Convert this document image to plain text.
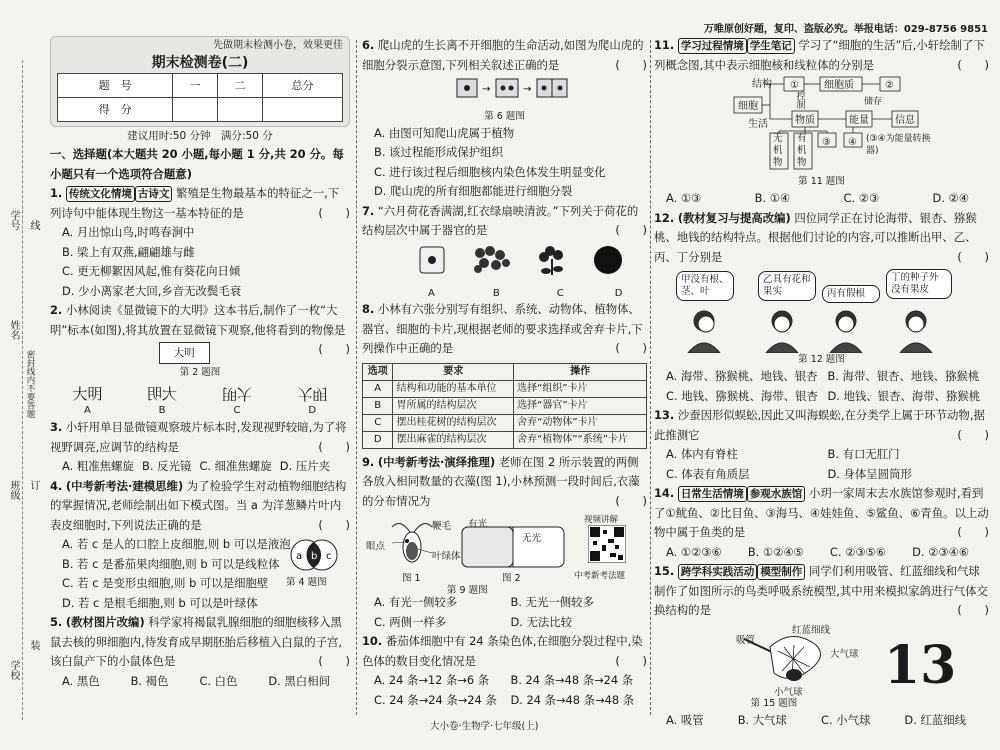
万唯原创好题，复印、盗版必究。举报电话：029-8756 9851
学校
班级
姓名
学号
密封线内不要答题
线
订
装
先做期末检测小卷，效果更佳
期末检测卷(二)
题　号	一	二	总分
得　分			
建议用时:50 分钟　满分:50 分

一、选择题(本大题共 20 小题,每小题 1 分,共 20 分。每小题只有一个选项符合题意)

1. 传统文化情境 古诗文 繁殖是生物最基本的特征之一,下列诗句中能体现生物这一基本特征的是	(　　)

A. 月出惊山鸟,时鸣春涧中
B. 梁上有双燕,翩翩雄与雌
C. 更无柳絮因风起,惟有葵花向日倾
D. 少小离家老大回,乡音无改鬓毛衰

2. 小林阅读《显微镜下的大明》这本书后,制作了一枚“大明”标本(如图),将其放置在显微镜下观察,他将看到的物像是
(　　)

大明
第 2 题图
大明	大明	大明	大明
A	B	C	D

3. 小轩用单目显微镜观察玻片标本时,发现视野较暗,为了将视野调亮,应调节的结构是	(　　)

A. 粗准焦螺旋 B. 反光镜 C. 细准焦螺旋 D. 压片夹

4. (中考新考法·建模思维) 为了检验学生对动植物细胞结构的掌握情况,老师绘制出如下模式图。当 a 为洋葱鳞片叶内表皮细胞时,下列说法正确的是	(　　)

A. 若 c 是人的口腔上皮细胞,则 b 可以是液泡
B. 若 c 是番茄果肉细胞,则 b 可以是线粒体
C. 若 c 是变形虫细胞,则 b 可以是细胞壁
D. 若 c 是根毛细胞,则 b 可以是叶绿体
a b c
第 4 题图

5. (教材图片改编) 科学家将褐鼠乳腺细胞的细胞核移入黑鼠去核的卵细胞内,待发育成早期胚胎后移植入白鼠的子宫,该白鼠产下的小鼠体色是	(　　)

A. 黑色	B. 褐色	C. 白色	D. 黑白相间

6. 爬山虎的生长离不开细胞的生命活动,如图为爬山虎的细胞分裂示意图,下列相关叙述正确的是	(　　)

→	→
第 6 题图
A. 由图可知爬山虎属于植物
B. 该过程能形成保护组织
C. 进行该过程后细胞核内染色体发生明显变化
D. 爬山虎的所有细胞都能进行细胞分裂

7. “六月荷花香满湖,红衣绿扇映清波。”下列关于荷花的结构层次中属于器官的是	(　　)

A	B	C	D

8. 小林有六张分别写有组织、系统、动物体、植物体、器官、细胞的卡片,现根据老师的要求选择或舍弃卡片,下列操作中正确的是	(　　)

选项	要求	操作
A	结构和功能的基本单位	选择“组织”卡片
B	胃所属的结构层次	选择“器官”卡片
C	摆出桂花树的结构层次	舍弃“动物体”卡片
D	摆出麻雀的结构层次	舍弃“植物体”“系统”卡片

9. (中考新考法·演绎推理) 老师在图 2 所示装置的两侧各放入相同数量的衣藻(图 1),小林预测一段时间后,衣藻的分布情况为	(　　)

眼点
鞭毛
叶绿体
图 1
有光
无光
图 2
第 9 题图
视频讲解
中考新考法题
A. 有光一侧较多	B. 无光一侧较多
C. 两侧一样多	D. 无法比较

10. 番茄体细胞中有 24 条染色体,在细胞分裂过程中,染色体的数目变化情况是	(　　)

A. 24 条→12 条→6 条	B. 24 条→48 条→24 条
C. 24 条→24 条→24 条	D. 24 条→48 条→48 条

11. 学习过程情境 学生笔记 学习了“细胞的生活”后,小轩绘制了下列概念图,其中表示细胞核和线粒体的分别是	(　　)

结构 ①	细胞质	②
细胞	控制	储存
生活	物质	能量	信息
无机物
有机物
③ ④ (③④为能量转换器)
第 11 题图
A. ①③	B. ①④	C. ②③	D. ②④

12. (教材复习与提高改编) 四位同学正在讨论海带、银杏、猕猴桃、地钱的结构特点。根据他们讨论的内容,可以推断出甲、乙、丙、丁分别是	(　　)

甲没有根、茎、叶
乙具有花和果实	丙有假根
丁的种子外没有果皮
第 12 题图
A. 海带、猕猴桃、地钱、银杏 B. 海带、银杏、地钱、猕猴桃
C. 地钱、猕猴桃、海带、银杏 D. 地钱、银杏、海带、猕猴桃

13. 沙蚕因形似蜈蚣,因此又叫海蜈蚣,在分类学上属于环节动物,据此推测它	(　　)

A. 体内有脊柱	B. 有口无肛门
C. 体表有角质层	D. 身体呈圆筒形

14. 日常生活情境 参观水族馆 小玥一家周末去水族馆参观时,看到了①鱿鱼、②比目鱼、③海马、④娃娃鱼、⑤鲨鱼、⑥青鱼。以上动物中属于鱼类的是	(　　)

A. ①②③⑥ B. ①②④⑤ C. ②③⑤⑥ D. ②③④⑥

15. 跨学科实践活动 模型制作 同学们利用吸管、红蓝细线和气球制作了如图所示的鸟类呼吸系统模型,其中用来模拟家鸽进行气体交换结构的是	(　　)

吸管
红蓝细线
大气球
小气球
第 15 题图
A. 吸管	B. 大气球	C. 小气球	D. 红蓝细线
13
大小卷·生物学·七年级(上)
